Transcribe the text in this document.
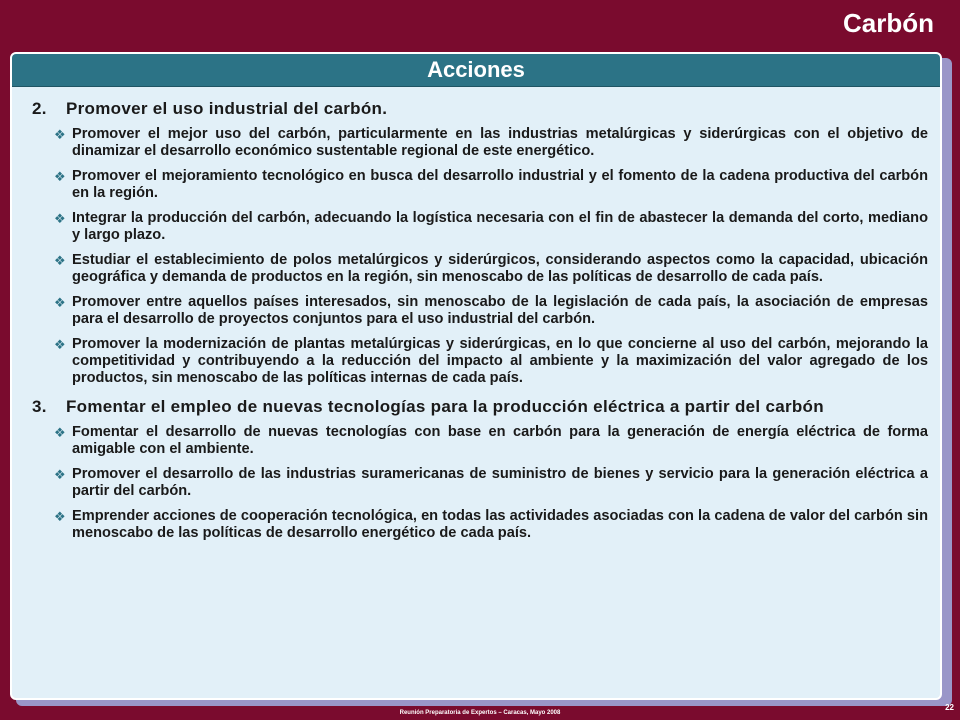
Carbón
Acciones
2.	Promover el uso industrial del carbón.
❖ Promover el mejor uso del carbón, particularmente en las industrias metalúrgicas y siderúrgicas con el objetivo de dinamizar el desarrollo económico sustentable regional de este energético.
❖ Promover el mejoramiento tecnológico en busca del desarrollo industrial y el fomento de la cadena productiva del carbón en la región.
❖ Integrar la producción del carbón, adecuando la logística necesaria con el fin de abastecer la demanda del corto, mediano y largo plazo.
❖ Estudiar el establecimiento de polos metalúrgicos y siderúrgicos, considerando aspectos como la capacidad, ubicación geográfica y demanda de productos en la región, sin menoscabo de las políticas de desarrollo de cada país.
❖ Promover entre aquellos países interesados, sin menoscabo de la legislación de cada país, la asociación de empresas para el desarrollo de proyectos conjuntos para el uso industrial del carbón.
❖ Promover la modernización de plantas metalúrgicas y siderúrgicas, en lo que concierne al uso del carbón, mejorando la competitividad y contribuyendo a la reducción del impacto al ambiente y la maximización del valor agregado de los productos, sin menoscabo de las políticas internas de cada país.
3.	Fomentar el empleo de nuevas tecnologías para la producción eléctrica a partir del carbón
❖ Fomentar el desarrollo de nuevas tecnologías con base en carbón para la generación de energía eléctrica de forma amigable con el ambiente.
❖ Promover el desarrollo de las industrias suramericanas de suministro de bienes y servicio para la generación eléctrica a partir del carbón.
❖ Emprender acciones de cooperación tecnológica, en todas las actividades asociadas con la cadena de valor del carbón sin menoscabo de las políticas de desarrollo energético de cada país.
Reunión Preparatoria de Expertos – Caracas, Mayo 2008
22
